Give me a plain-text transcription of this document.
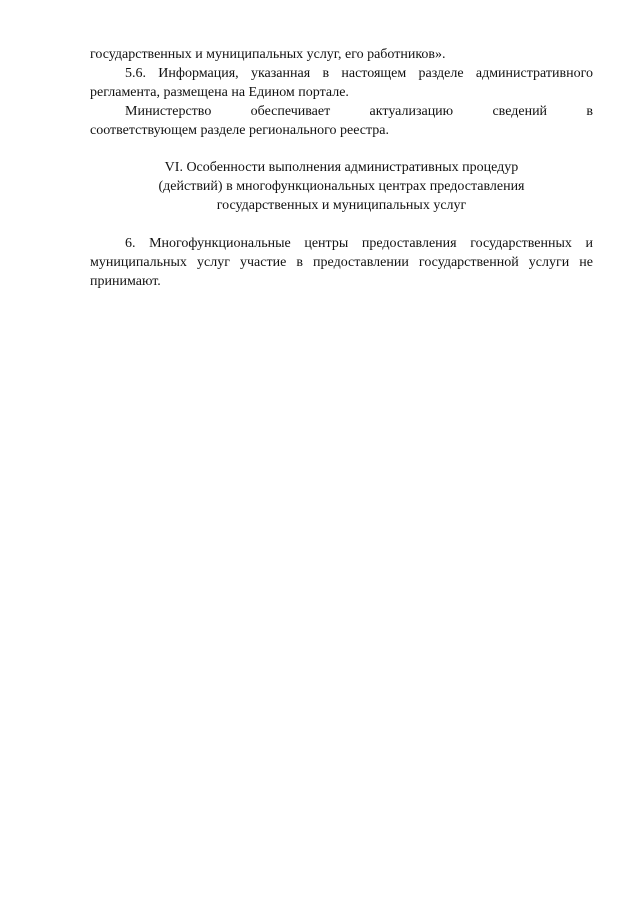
государственных и муниципальных услуг, его работников».
5.6. Информация, указанная в настоящем разделе административного
регламента, размещена на Едином портале.
Министерство обеспечивает актуализацию сведений в
соответствующем разделе регионального реестра.
VI. Особенности выполнения административных процедур
(действий) в многофункциональных центрах предоставления
государственных и муниципальных услуг
6. Многофункциональные центры предоставления государственных и
муниципальных услуг участие в предоставлении государственной услуги не
принимают.
